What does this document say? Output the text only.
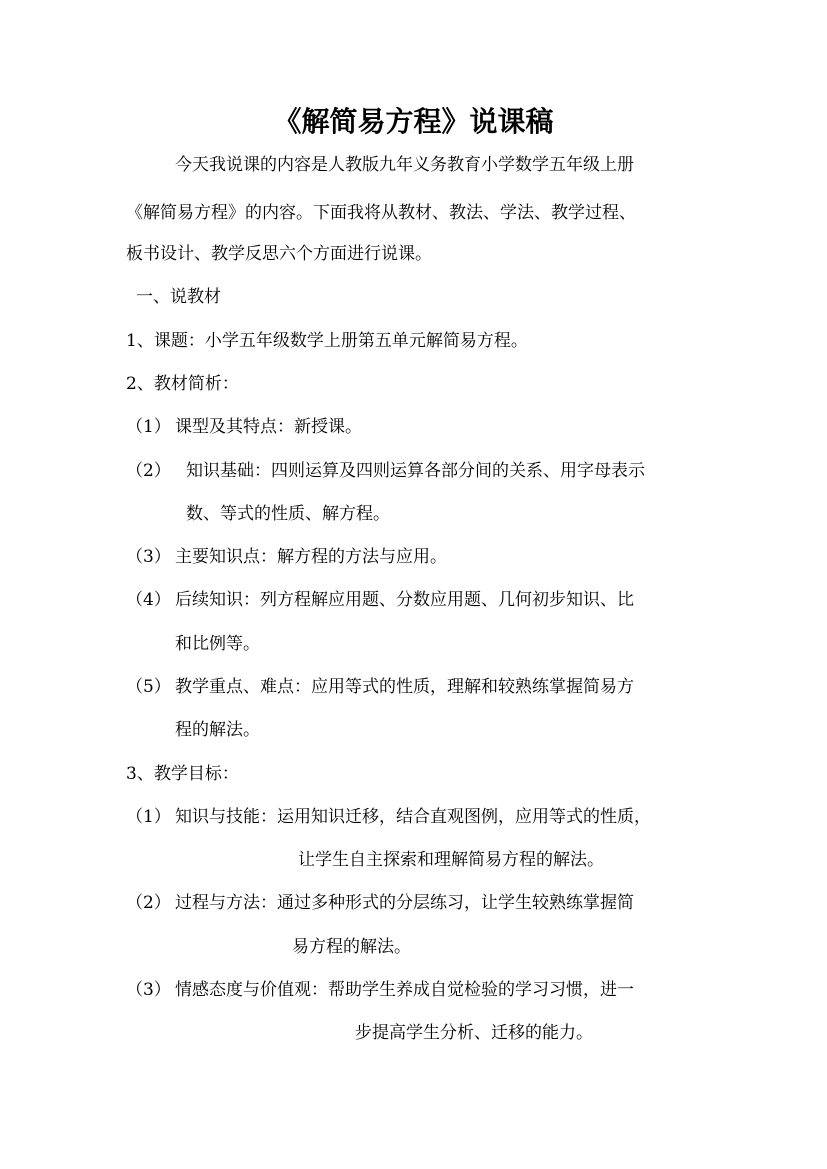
《解简易方程》说课稿
今天我说课的内容是人教版九年义务教育小学数学五年级上册
《解简易方程》的内容。下面我将从教材、教法、学法、教学过程、
板书设计、教学反思六个方面进行说课。
一、说教材
1、课题：小学五年级数学上册第五单元解简易方程。
2、教材简析：
（1） 课型及其特点：新授课。
（2） 知识基础：四则运算及四则运算各部分间的关系、用字母表示
数、等式的性质、解方程。
（3） 主要知识点：解方程的方法与应用。
（4） 后续知识：列方程解应用题、分数应用题、几何初步知识、比
和比例等。
（5） 教学重点、难点：应用等式的性质，理解和较熟练掌握简易方
程的解法。
3、教学目标：
（1） 知识与技能：运用知识迁移，结合直观图例，应用等式的性质，
让学生自主探索和理解简易方程的解法。
（2） 过程与方法：通过多种形式的分层练习，让学生较熟练掌握简
易方程的解法。
（3） 情感态度与价值观：帮助学生养成自觉检验的学习习惯，进一
步提高学生分析、迁移的能力。
